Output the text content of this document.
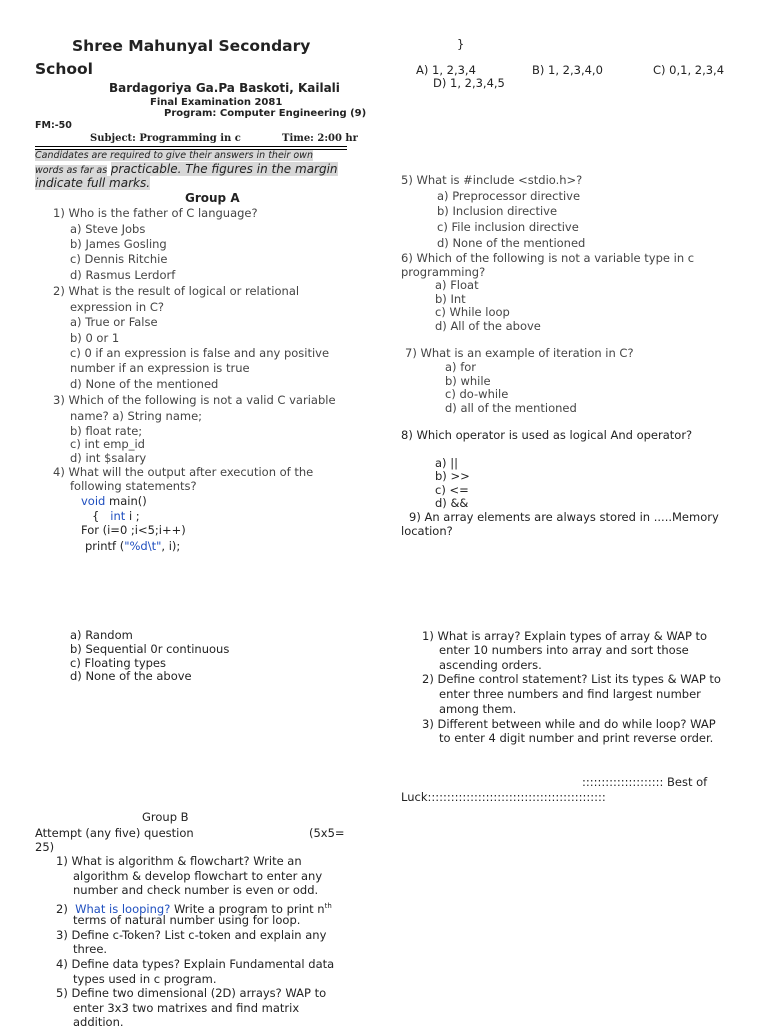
Shree Mahunyal Secondary
School
Bardagoriya Ga.Pa Baskoti, Kailali
Final Examination 2081
Program: Computer Engineering (9)
FM:-50
Subject: Programming in c	Time: 2:00 hr
Candidates are required to give their answers in their own
words as far as practicable. The figures in the margin
indicate full marks.
Group A
1) Who is the father of C language?
a) Steve Jobs
b) James Gosling
c) Dennis Ritchie
d) Rasmus Lerdorf
2) What is the result of logical or relational
expression in C?
a) True or False
b) 0 or 1
c) 0 if an expression is false and any positive
number if an expression is true
d) None of the mentioned
3) Which of the following is not a valid C variable
name? a) String name;
b) float rate;
c) int emp_id
d) int $salary
4) What will the output after execution of the
following statements?
void main()
{ int i ;
For (i=0 ;i<5;i++)
printf ("%d\t", i);
a) Random
b) Sequential 0r continuous
c) Floating types
d) None of the above
Group B
Attempt (any five) question	(5x5=
25)
1) What is algorithm & flowchart? Write an
algorithm & develop flowchart to enter any
number and check number is even or odd.
2) What is looping? Write a program to print $n^{th}$
terms of natural number using for loop.
3) Define c-Token? List c-token and explain any
three.
4) Define data types? Explain Fundamental data
types used in c program.
5) Define two dimensional (2D) arrays? WAP to
enter 3x3 two matrixes and find matrix
addition.
}
A) 1, 2,3,4	B) 1, 2,3,4,0	C) 0,1, 2,3,4
D) 1, 2,3,4,5
5) What is #include <stdio.h>?
a) Preprocessor directive
b) Inclusion directive
c) File inclusion directive
d) None of the mentioned
6) Which of the following is not a variable type in c
programming?
a) Float
b) Int
c) While loop
d) All of the above
7) What is an example of iteration in C?
a) for
b) while
c) do-while
d) all of the mentioned
8) Which operator is used as logical And operator?
a) ||
b) >>
c) <=
d) &&
9) An array elements are always stored in .....Memory
location?
1) What is array? Explain types of array & WAP to
enter 10 numbers into array and sort those
ascending orders.
2) Define control statement? List its types & WAP to
enter three numbers and find largest number
among them.
3) Different between while and do while loop? WAP
to enter 4 digit number and print reverse order.
::::::::::::::::::::: Best of
Luck::::::::::::::::::::::::::::::::::::::::::::::
